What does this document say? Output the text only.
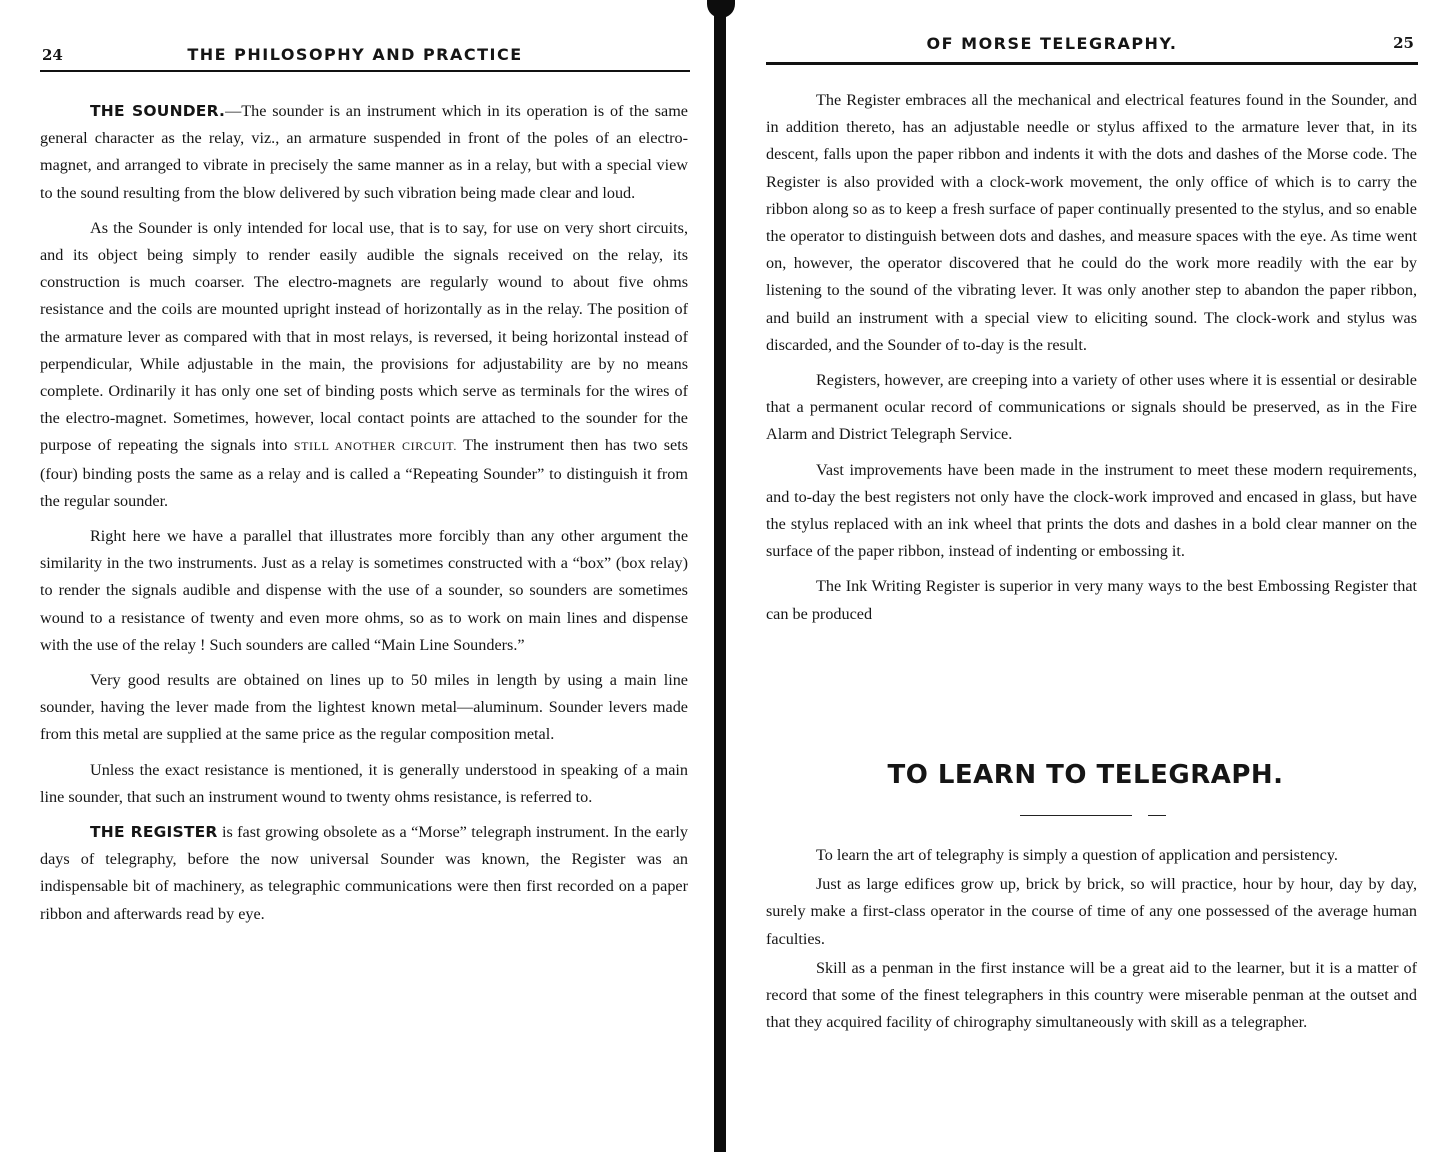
24	THE PHILOSOPHY AND PRACTICE

THE SOUNDER.—The sounder is an instrument which in its operation is of the same general character as the relay, viz., an armature suspended in front of the poles of an electro-magnet, and arranged to vibrate in precisely the same manner as in a relay, but with a special view to the sound resulting from the blow delivered by such vibration being made clear and loud.

As the Sounder is only intended for local use, that is to say, for use on very short circuits, and its object being simply to render easily audible the signals received on the relay, its construction is much coarser. The electro-magnets are regularly wound to about five ohms resistance and the coils are mounted upright instead of horizontally as in the relay. The position of the armature lever as compared with that in most relays, is reversed, it being horizontal instead of perpendicular, While adjustable in the main, the provisions for adjustability are by no means complete. Ordinarily it has only one set of binding posts which serve as terminals for the wires of the electro-magnet. Sometimes, however, local contact points are attached to the sounder for the purpose of repeating the signals into STILL ANOTHER CIRCUIT. The instrument then has two sets (four) binding posts the same as a relay and is called a “Repeating Sounder” to distinguish it from the regular sounder.

Right here we have a parallel that illustrates more forcibly than any other argument the similarity in the two instruments. Just as a relay is sometimes constructed with a “box” (box relay) to render the signals audible and dispense with the use of a sounder, so sounders are sometimes wound to a resistance of twenty and even more ohms, so as to work on main lines and dispense with the use of the relay ! Such sounders are called “Main Line Sounders.”

Very good results are obtained on lines up to 50 miles in length by using a main line sounder, having the lever made from the lightest known metal—aluminum. Sounder levers made from this metal are supplied at the same price as the regular composition metal.

Unless the exact resistance is mentioned, it is generally understood in speaking of a main line sounder, that such an instrument wound to twenty ohms resistance, is referred to.

THE REGISTER is fast growing obsolete as a “Morse” telegraph instrument. In the early days of telegraphy, before the now universal Sounder was known, the Register was an indispensable bit of machinery, as telegraphic communications were then first recorded on a paper ribbon and afterwards read by eye.

OF MORSE TELEGRAPHY.	25

The Register embraces all the mechanical and electrical features found in the Sounder, and in addition thereto, has an adjustable needle or stylus affixed to the armature lever that, in its descent, falls upon the paper ribbon and indents it with the dots and dashes of the Morse code. The Register is also provided with a clock-work movement, the only office of which is to carry the ribbon along so as to keep a fresh surface of paper continually presented to the stylus, and so enable the operator to distinguish between dots and dashes, and measure spaces with the eye. As time went on, however, the operator discovered that he could do the work more readily with the ear by listening to the sound of the vibrating lever. It was only another step to abandon the paper ribbon, and build an instrument with a special view to eliciting sound. The clock-work and stylus was discarded, and the Sounder of to-day is the result.

Registers, however, are creeping into a variety of other uses where it is essential or desirable that a permanent ocular record of communications or signals should be preserved, as in the Fire Alarm and District Telegraph Service.

Vast improvements have been made in the instrument to meet these modern requirements, and to-day the best registers not only have the clock-work improved and encased in glass, but have the stylus replaced with an ink wheel that prints the dots and dashes in a bold clear manner on the surface of the paper ribbon, instead of indenting or embossing it.

The Ink Writing Register is superior in very many ways to the best Embossing Register that can be produced

TO LEARN TO TELEGRAPH.

To learn the art of telegraphy is simply a question of application and persistency.

Just as large edifices grow up, brick by brick, so will practice, hour by hour, day by day, surely make a first-class operator in the course of time of any one possessed of the average human faculties.

Skill as a penman in the first instance will be a great aid to the learner, but it is a matter of record that some of the finest telegraphers in this country were miserable penman at the outset and that they acquired facility of chirography simultaneously with skill as a telegrapher.
